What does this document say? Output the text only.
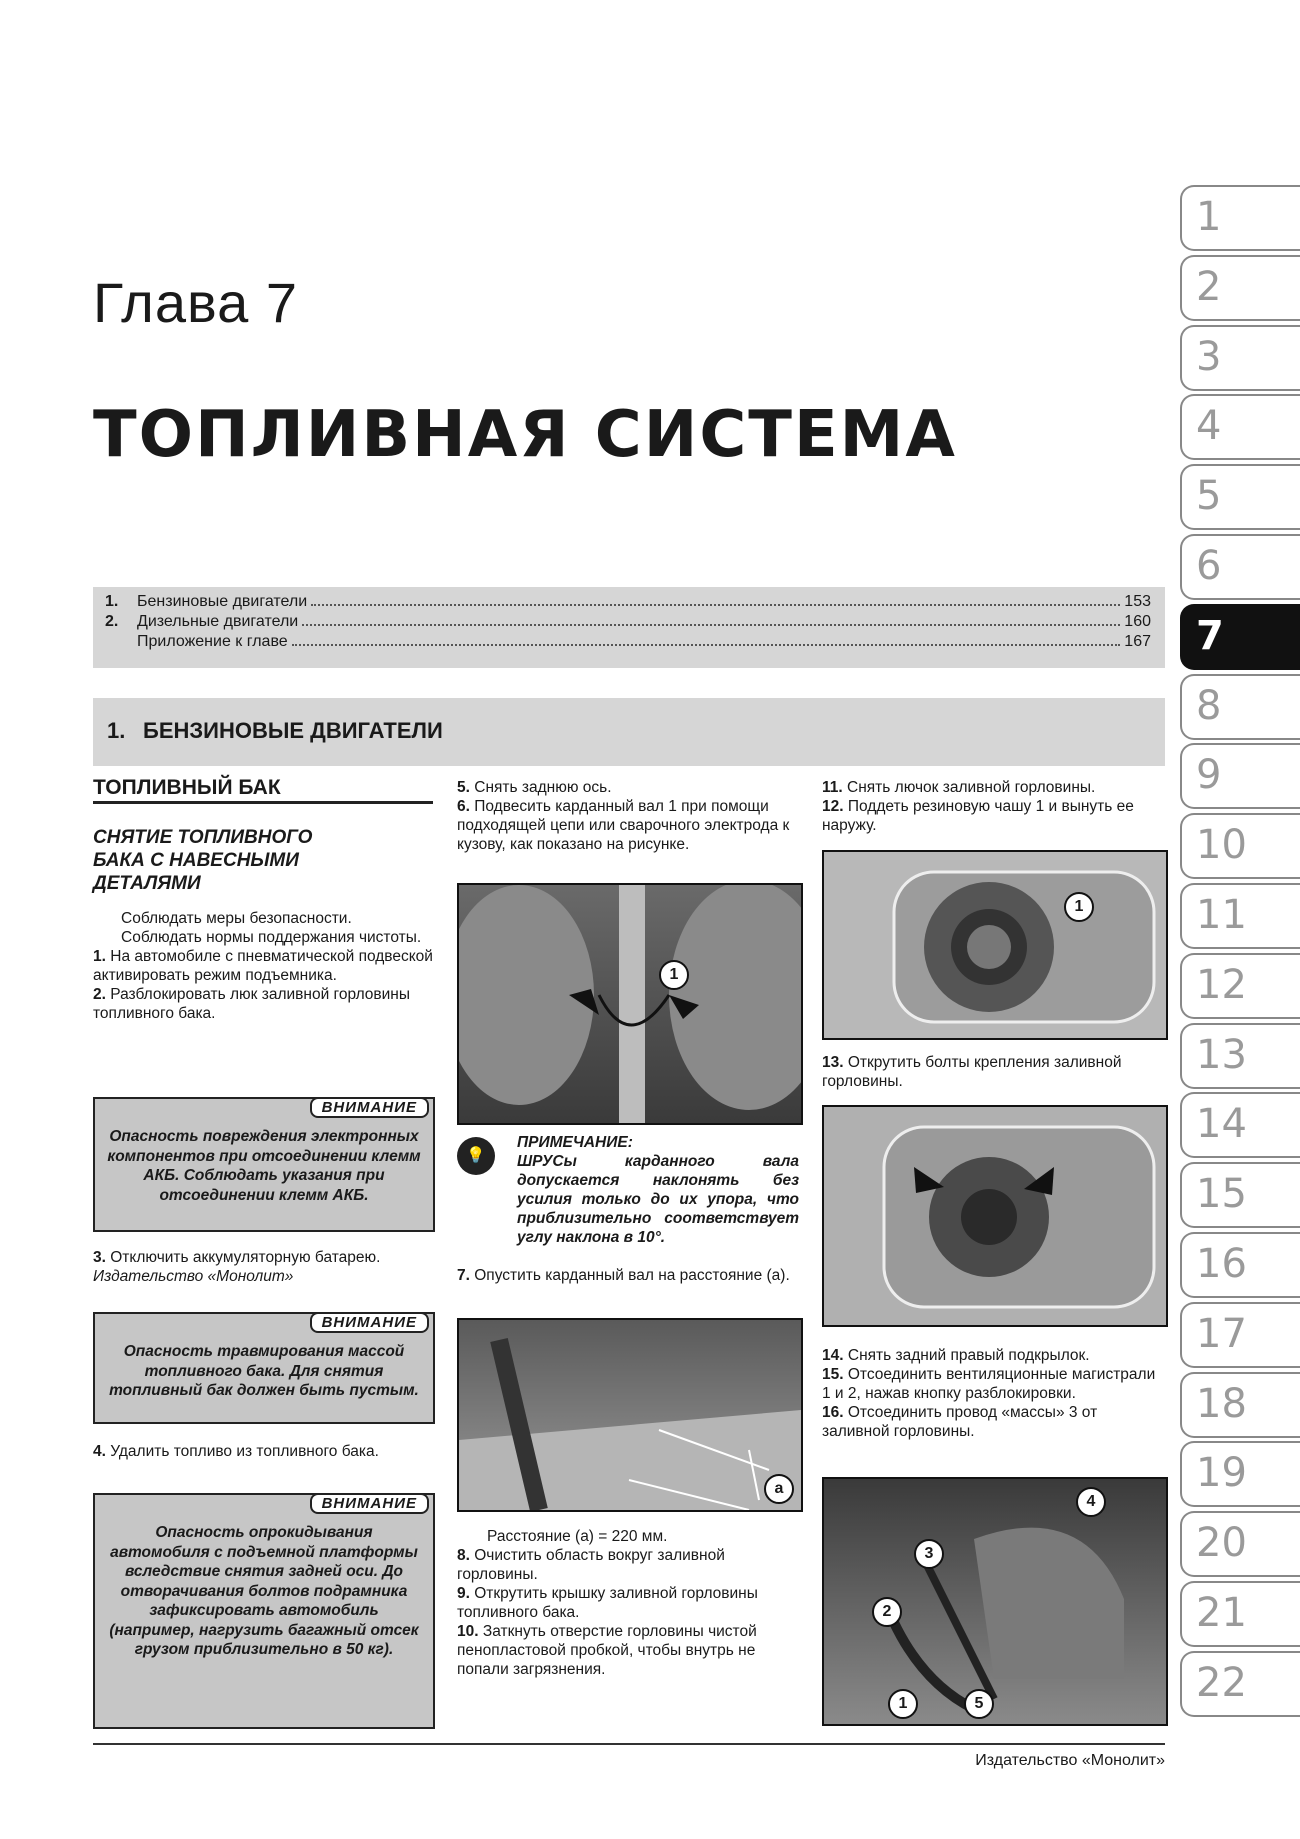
Глава 7
ТОПЛИВНАЯ СИСТЕМА
1.	Бензиновые двигатели	153
2.	Дизельные двигатели	160
Приложение к главе	167
1. БЕНЗИНОВЫЕ ДВИГАТЕЛИ
ТОПЛИВНЫЙ БАК
СНЯТИЕ ТОПЛИВНОГО БАКА С НАВЕСНЫМИ ДЕТАЛЯМИ

Соблюдать меры безопасности.

Соблюдать нормы поддержания чистоты.

1. На автомобиле с пневматической подвеской активировать режим подъемника.

2. Разблокировать люк заливной горловины топливного бака.

ВНИМАНИЕ
Опасность повреждения электронных компонентов при отсоединении клемм АКБ. Соблюдать указания при отсоединении клемм АКБ.

3. Отключить аккумуляторную батарею. Издательство «Монолит»

ВНИМАНИЕ
Опасность травмирования массой топливного бака. Для снятия топливный бак должен быть пустым.

4. Удалить топливо из топливного бака.

ВНИМАНИЕ
Опасность опрокидывания автомобиля с подъемной платформы вследствие снятия задней оси. До отворачивания болтов подрамника зафиксировать автомобиль (например, нагрузить багажный отсек грузом приблизительно в 50 кг).

5. Снять заднюю ось.

6. Подвесить карданный вал 1 при помощи подходящей цепи или сварочного электрода к кузову, как показано на рисунке.

1
💡
ПРИМЕЧАНИЕ:
ШРУСы карданного вала допускается наклонять без усилия только до их упора, что приблизительно соответствует углу наклона в 10°.

7. Опустить карданный вал на расстояние (a).

a

Расстояние (a) = 220 мм.

8. Очистить область вокруг заливной горловины.

9. Открутить крышку заливной горловины топливного бака.

10. Заткнуть отверстие горловины чистой пенопластовой пробкой, чтобы внутрь не попали загрязнения.

11. Снять лючок заливной горловины.

12. Поддеть резиновую чашу 1 и вынуть ее наружу.

1

13. Открутить болты крепления заливной горловины.

14. Снять задний правый подкрылок.

15. Отсоединить вентиляционные магистрали 1 и 2, нажав кнопку разблокировки.

16. Отсоединить провод «массы» 3 от заливной горловины.

4
3
2
1	5
1
2
3
4
5
6
7
8
9
10
11
12
13
14
15
16
17
18
19
20
21
22
Издательство «Монолит»
